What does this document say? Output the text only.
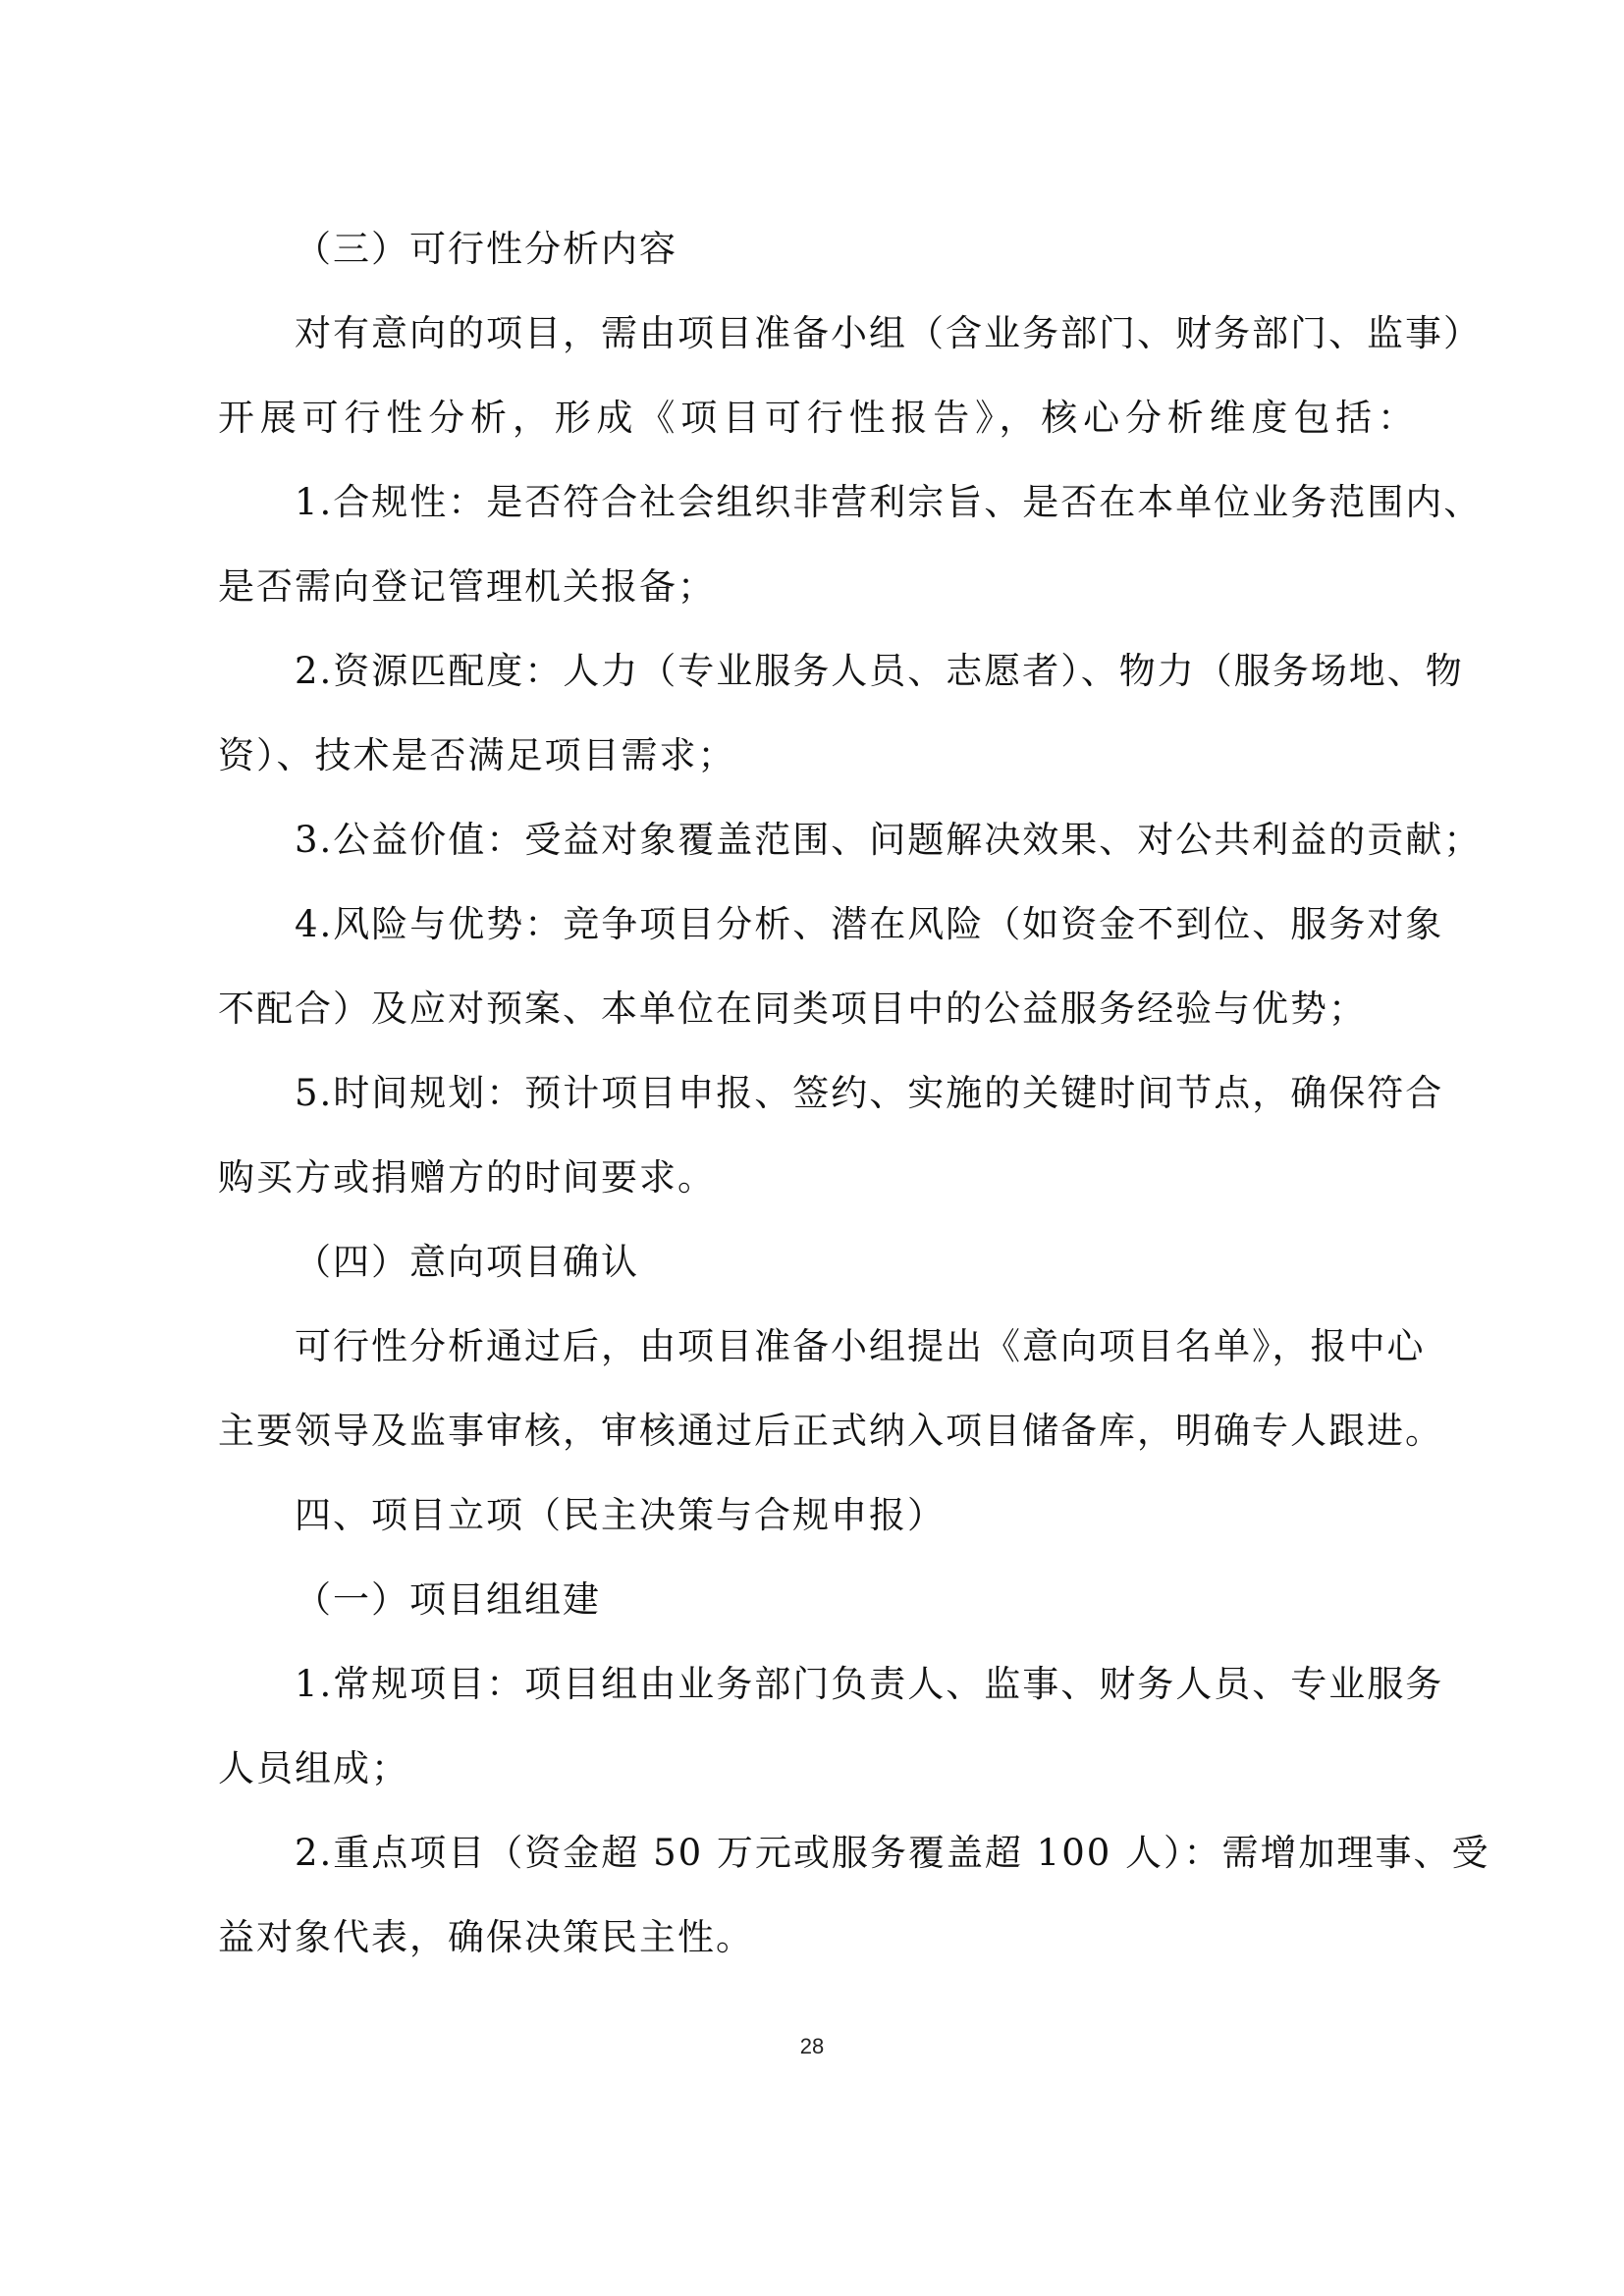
（三）可行性分析内容
对有意向的项目，需由项目准备小组（含业务部门、财务部门、监事）
开展可行性分析，形成《项目可行性报告》，核心分析维度包括：
1.合规性：是否符合社会组织非营利宗旨、是否在本单位业务范围内、
是否需向登记管理机关报备；
2.资源匹配度：人力（专业服务人员、志愿者）、物力（服务场地、物
资）、技术是否满足项目需求；
3.公益价值：受益对象覆盖范围、问题解决效果、对公共利益的贡献；
4.风险与优势：竞争项目分析、潜在风险（如资金不到位、服务对象
不配合）及应对预案、本单位在同类项目中的公益服务经验与优势；
5.时间规划：预计项目申报、签约、实施的关键时间节点，确保符合
购买方或捐赠方的时间要求。
（四）意向项目确认
可行性分析通过后，由项目准备小组提出《意向项目名单》，报中心
主要领导及监事审核，审核通过后正式纳入项目储备库，明确专人跟进。
四、项目立项（民主决策与合规申报）
（一）项目组组建
1.常规项目：项目组由业务部门负责人、监事、财务人员、专业服务
人员组成；
2.重点项目（资金超 50 万元或服务覆盖超 100 人）：需增加理事、受
益对象代表，确保决策民主性。
28
